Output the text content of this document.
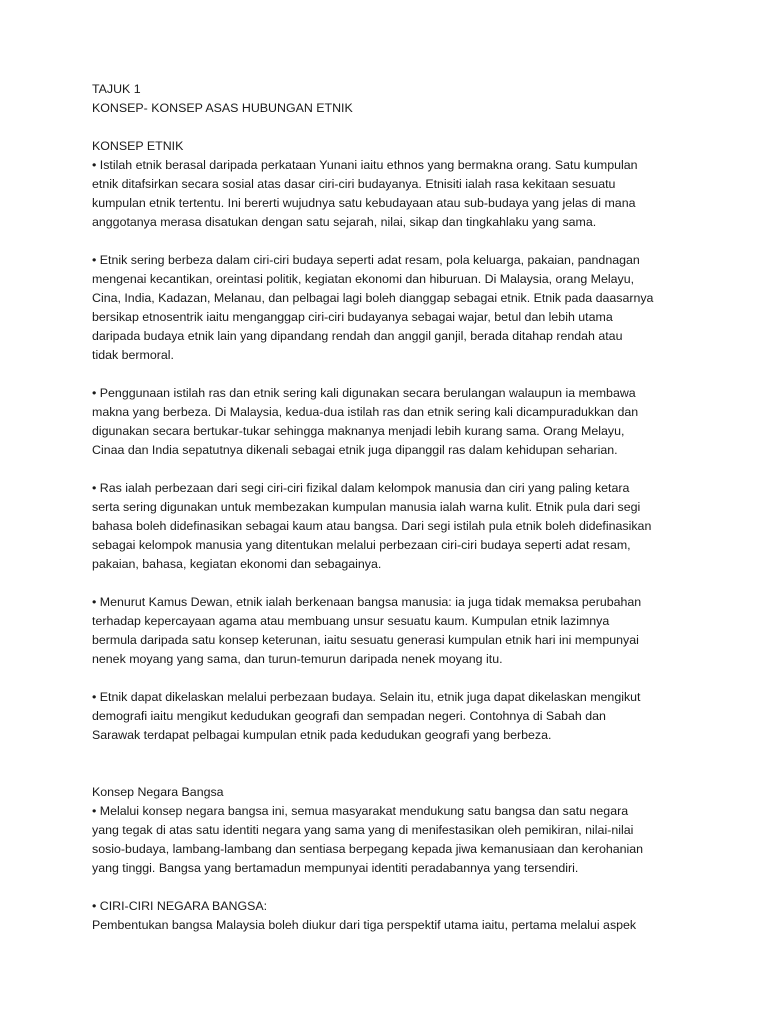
TAJUK 1
KONSEP- KONSEP ASAS HUBUNGAN ETNIK
KONSEP ETNIK
• Istilah etnik berasal daripada perkataan Yunani iaitu ethnos yang bermakna orang. Satu kumpulan
etnik ditafsirkan secara sosial atas dasar ciri-ciri budayanya. Etnisiti ialah rasa kekitaan sesuatu
kumpulan etnik tertentu. Ini bererti wujudnya satu kebudayaan atau sub-budaya yang jelas di mana
anggotanya merasa disatukan dengan satu sejarah, nilai, sikap dan tingkahlaku yang sama.
• Etnik sering berbeza dalam ciri-ciri budaya seperti adat resam, pola keluarga, pakaian, pandnagan
mengenai kecantikan, oreintasi politik, kegiatan ekonomi dan hiburuan. Di Malaysia, orang Melayu,
Cina, India, Kadazan, Melanau, dan pelbagai lagi boleh dianggap sebagai etnik. Etnik pada daasarnya
bersikap etnosentrik iaitu menganggap ciri-ciri budayanya sebagai wajar, betul dan lebih utama
daripada budaya etnik lain yang dipandang rendah dan anggil ganjil, berada ditahap rendah atau
tidak bermoral.
• Penggunaan istilah ras dan etnik sering kali digunakan secara berulangan walaupun ia membawa
makna yang berbeza. Di Malaysia, kedua-dua istilah ras dan etnik sering kali dicampuradukkan dan
digunakan secara bertukar-tukar sehingga maknanya menjadi lebih kurang sama. Orang Melayu,
Cinaa dan India sepatutnya dikenali sebagai etnik juga dipanggil ras dalam kehidupan seharian.
• Ras ialah perbezaan dari segi ciri-ciri fizikal dalam kelompok manusia dan ciri yang paling ketara
serta sering digunakan untuk membezakan kumpulan manusia ialah warna kulit. Etnik pula dari segi
bahasa boleh didefinasikan sebagai kaum atau bangsa. Dari segi istilah pula etnik boleh didefinasikan
sebagai kelompok manusia yang ditentukan melalui perbezaan ciri-ciri budaya seperti adat resam,
pakaian, bahasa, kegiatan ekonomi dan sebagainya.
• Menurut Kamus Dewan, etnik ialah berkenaan bangsa manusia: ia juga tidak memaksa perubahan
terhadap kepercayaan agama atau membuang unsur sesuatu kaum. Kumpulan etnik lazimnya
bermula daripada satu konsep keterunan, iaitu sesuatu generasi kumpulan etnik hari ini mempunyai
nenek moyang yang sama, dan turun-temurun daripada nenek moyang itu.
• Etnik dapat dikelaskan melalui perbezaan budaya. Selain itu, etnik juga dapat dikelaskan mengikut
demografi iaitu mengikut kedudukan geografi dan sempadan negeri. Contohnya di Sabah dan
Sarawak terdapat pelbagai kumpulan etnik pada kedudukan geografi yang berbeza.
Konsep Negara Bangsa
• Melalui konsep negara bangsa ini, semua masyarakat mendukung satu bangsa dan satu negara
yang tegak di atas satu identiti negara yang sama yang di menifestasikan oleh pemikiran, nilai-nilai
sosio-budaya, lambang-lambang dan sentiasa berpegang kepada jiwa kemanusiaan dan kerohanian
yang tinggi. Bangsa yang bertamadun mempunyai identiti peradabannya yang tersendiri.
• CIRI-CIRI NEGARA BANGSA:
Pembentukan bangsa Malaysia boleh diukur dari tiga perspektif utama iaitu, pertama melalui aspek
